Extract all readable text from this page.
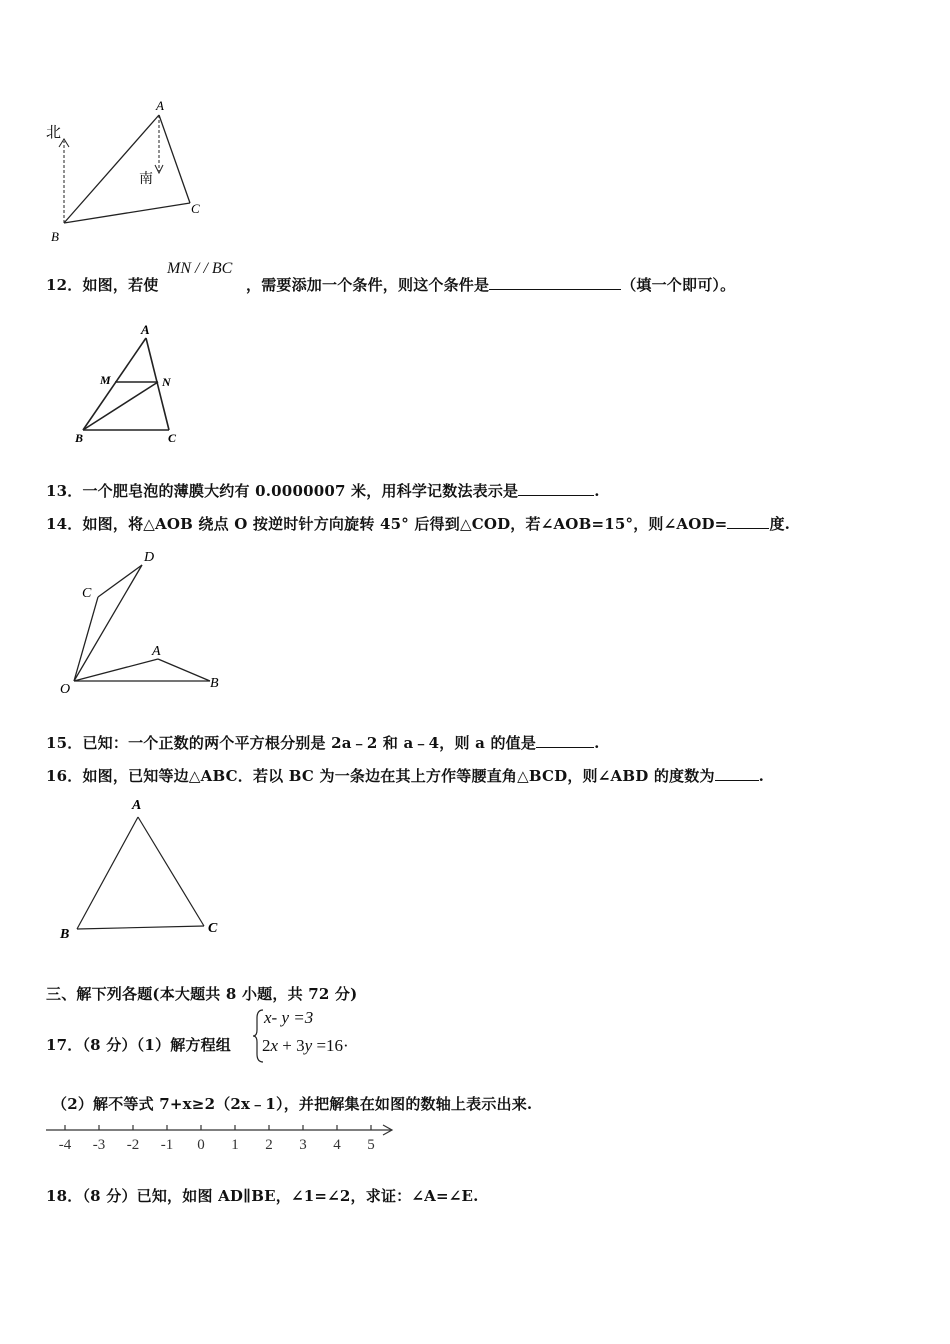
北
南
A
B
C
12．如图，若使
MN / / BC
，需要添加一个条件，则这个条件是	（填一个即可）。
A
M	N
B	C
13．一个肥皂泡的薄膜大约有 0.0000007 米，用科学记数法表示是	.
14．如图，将△AOB 绕点 O 按逆时针方向旋转 45° 后得到△COD，若∠AOB=15°，则∠AOD=	度.
D
C
A
O	B
15．已知：一个正数的两个平方根分别是 2a﹣2 和 a﹣4，则 a 的值是	.
16．如图，已知等边△ABC．若以 BC 为一条边在其上方作等腰直角△BCD，则∠ABD 的度数为	.
A
B	C
三、解下列各题(本大题共 8 小题，共 72 分)
17．（8 分）（1）解方程组
x- y =3
2x + 3y =16·
（2）解不等式 7+x≥2（2x﹣1），并把解集在如图的数轴上表示出来.
-4 -3 -2 -1 0 1 2 3 4 5
18．（8 分）已知，如图 AD∥BE，∠1=∠2，求证：∠A=∠E.
